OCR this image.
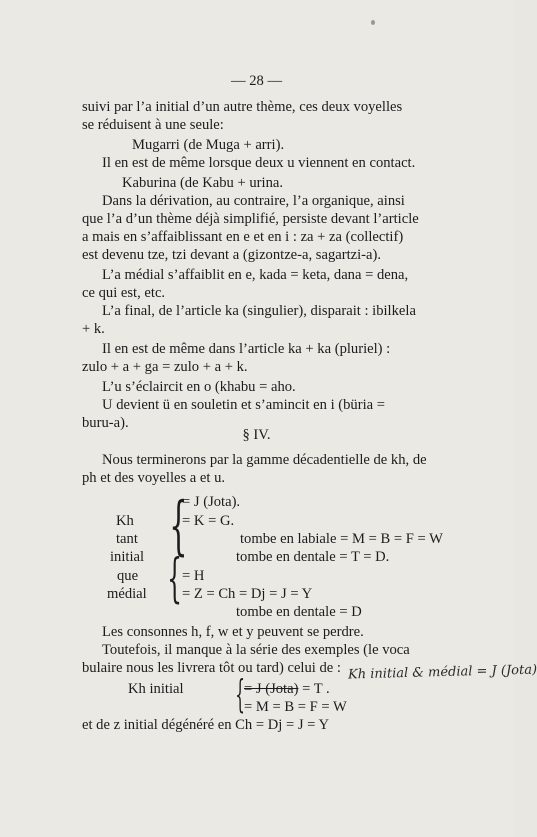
— 28 —
suivi par l’a initial d’un autre thème, ces deux voyelles
se réduisent à une seule:
Mugarri (de Muga + arri).
Il en est de même lorsque deux u viennent en contact.
Kaburina (de Kabu + urina.
Dans la dérivation, au contraire, l’a organique, ainsi
que l’a d’un thème déjà simplifié, persiste devant l’article
a mais en s’affaiblissant en e et en i : za + za (collectif)
est devenu tze, tzi devant a (gizontze-a, sagartzi-a).
L’a médial s’affaiblit en e, kada = keta, dana = dena,
ce qui est, etc.
L’a final, de l’article ka (singulier), disparait : ibilkela
+ k.
Il en est de même dans l’article ka + ka (pluriel) :
zulo + a + ga = zulo + a + k.
L’u s’éclaircit en o (khabu = aho.
U devient ü en souletin et s’amincit en i (büria =
buru-a).
§ IV.
Nous terminerons par la gamme décadentielle de kh, de
ph et des voyelles a et u.
Kh
tant
initial
que
médial
{
{
= J (Jota).
= K = G.
tombe en labiale = M = B = F = W
tombe en dentale = T = D.
= H
= Z = Ch = Dj = J = Y
tombe en dentale = D
Les consonnes h, f, w et y peuvent se perdre.
Toutefois, il manque à la série des exemples (le voca
bulaire nous les livrera tôt ou tard) celui de :
Kh initial { = J (Jota) = T .
Kh initial & médial = J (Jota)
= M = B = F = W
et de z initial dégénéré en Ch = Dj = J = Y
